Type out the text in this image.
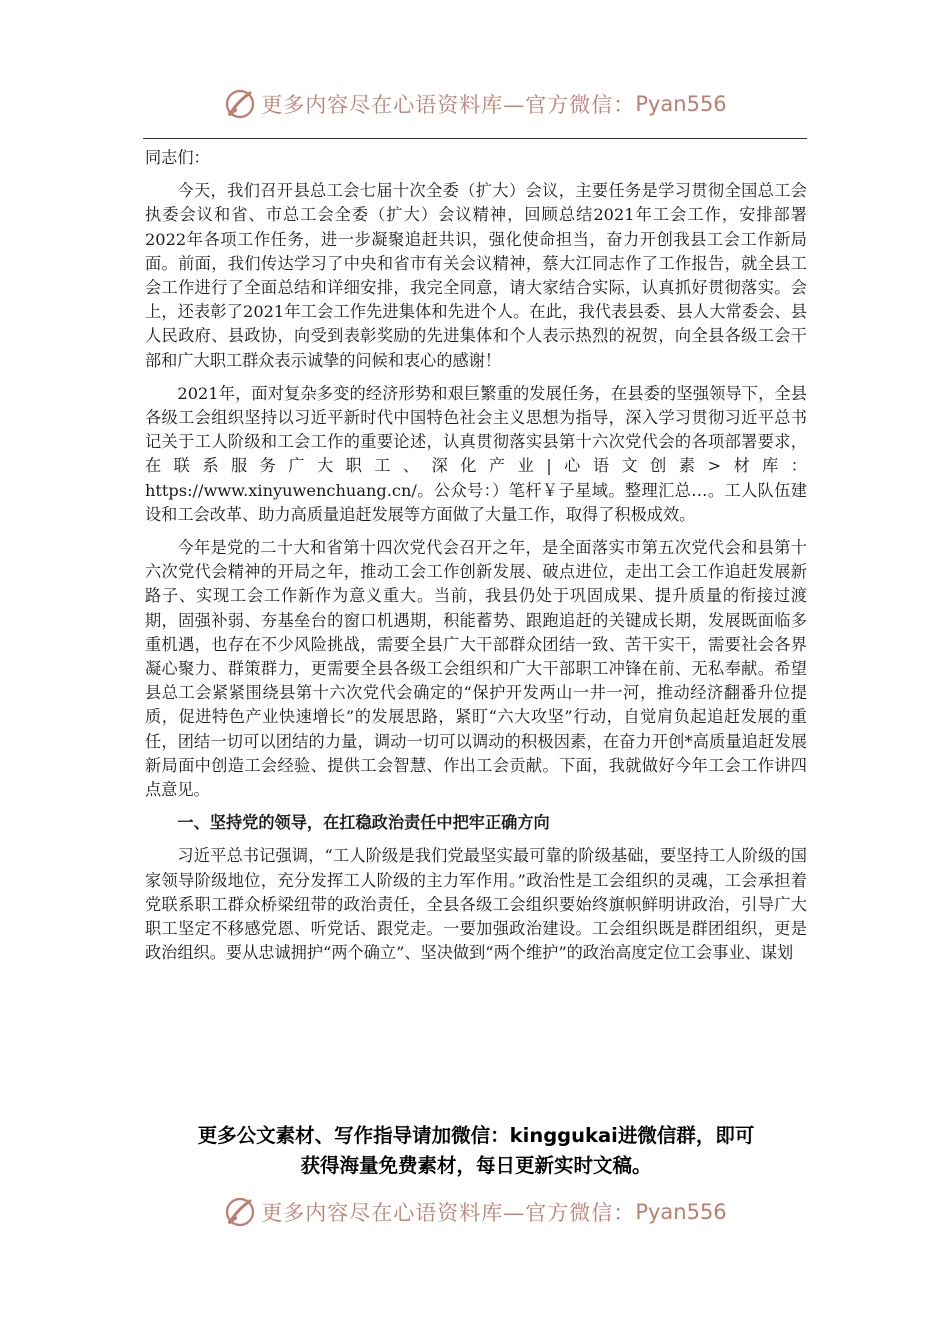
更多内容尽在心语资料库—官方微信： Pyan556

同志们：

今天，我们召开县总工会七届十次全委（扩大）会议，主要任务是学习贯彻全国总工会执委会议和省、市总工会全委（扩大）会议精神，回顾总结2021年工会工作，安排部署2022年各项工作任务，进一步凝聚追赶共识，强化使命担当，奋力开创我县工会工作新局面。前面，我们传达学习了中央和省市有关会议精神，蔡大江同志作了工作报告，就全县工会工作进行了全面总结和详细安排，我完全同意，请大家结合实际，认真抓好贯彻落实。会上，还表彰了2021年工会工作先进集体和先进个人。在此，我代表县委、县人大常委会、县人民政府、县政协，向受到表彰奖励的先进集体和个人表示热烈的祝贺，向全县各级工会干部和广大职工群众表示诚挚的问候和衷心的感谢！

2021年，面对复杂多变的经济形势和艰巨繁重的发展任务，在县委的坚强领导下，全县各级工会组织坚持以习近平新时代中国特色社会主义思想为指导，深入学习贯彻习近平总书记关于工人阶级和工会工作的重要论述，认真贯彻落实县第十六次党代会的各项部署要求，在联系服务广大职工、深化产业|心语文创素>材库：https://www.xinyuwenchuang.cn/。公众号：）笔杆￥子星域。整理汇总…。工人队伍建设和工会改革、助力高质量追赶发展等方面做了大量工作，取得了积极成效。

今年是党的二十大和省第十四次党代会召开之年，是全面落实市第五次党代会和县第十六次党代会精神的开局之年，推动工会工作创新发展、破点进位，走出工会工作追赶发展新路子、实现工会工作新作为意义重大。当前，我县仍处于巩固成果、提升质量的衔接过渡期，固强补弱、夯基垒台的窗口机遇期，积能蓄势、跟跑追赶的关键成长期，发展既面临多重机遇，也存在不少风险挑战，需要全县广大干部群众团结一致、苦干实干，需要社会各界凝心聚力、群策群力，更需要全县各级工会组织和广大干部职工冲锋在前、无私奉献。希望县总工会紧紧围绕县第十六次党代会确定的“保护开发两山一井一河，推动经济翻番升位提质，促进特色产业快速增长”的发展思路，紧盯“六大攻坚”行动，自觉肩负起追赶发展的重任，团结一切可以团结的力量，调动一切可以调动的积极因素，在奋力开创*高质量追赶发展新局面中创造工会经验、提供工会智慧、作出工会贡献。下面，我就做好今年工会工作讲四点意见。

一、坚持党的领导，在扛稳政治责任中把牢正确方向

习近平总书记强调，“工人阶级是我们党最坚实最可靠的阶级基础，要坚持工人阶级的国家领导阶级地位，充分发挥工人阶级的主力军作用。”政治性是工会组织的灵魂，工会承担着党联系职工群众桥梁纽带的政治责任，全县各级工会组织要始终旗帜鲜明讲政治，引导广大职工坚定不移感党恩、听党话、跟党走。一要加强政治建设。工会组织既是群团组织，更是政治组织。要从忠诚拥护“两个确立”、坚决做到“两个维护”的政治高度定位工会事业、谋划

更多公文素材、写作指导请加微信：kinggukai进微信群，即可
获得海量免费素材，每日更新实时文稿。
更多内容尽在心语资料库—官方微信： Pyan556
